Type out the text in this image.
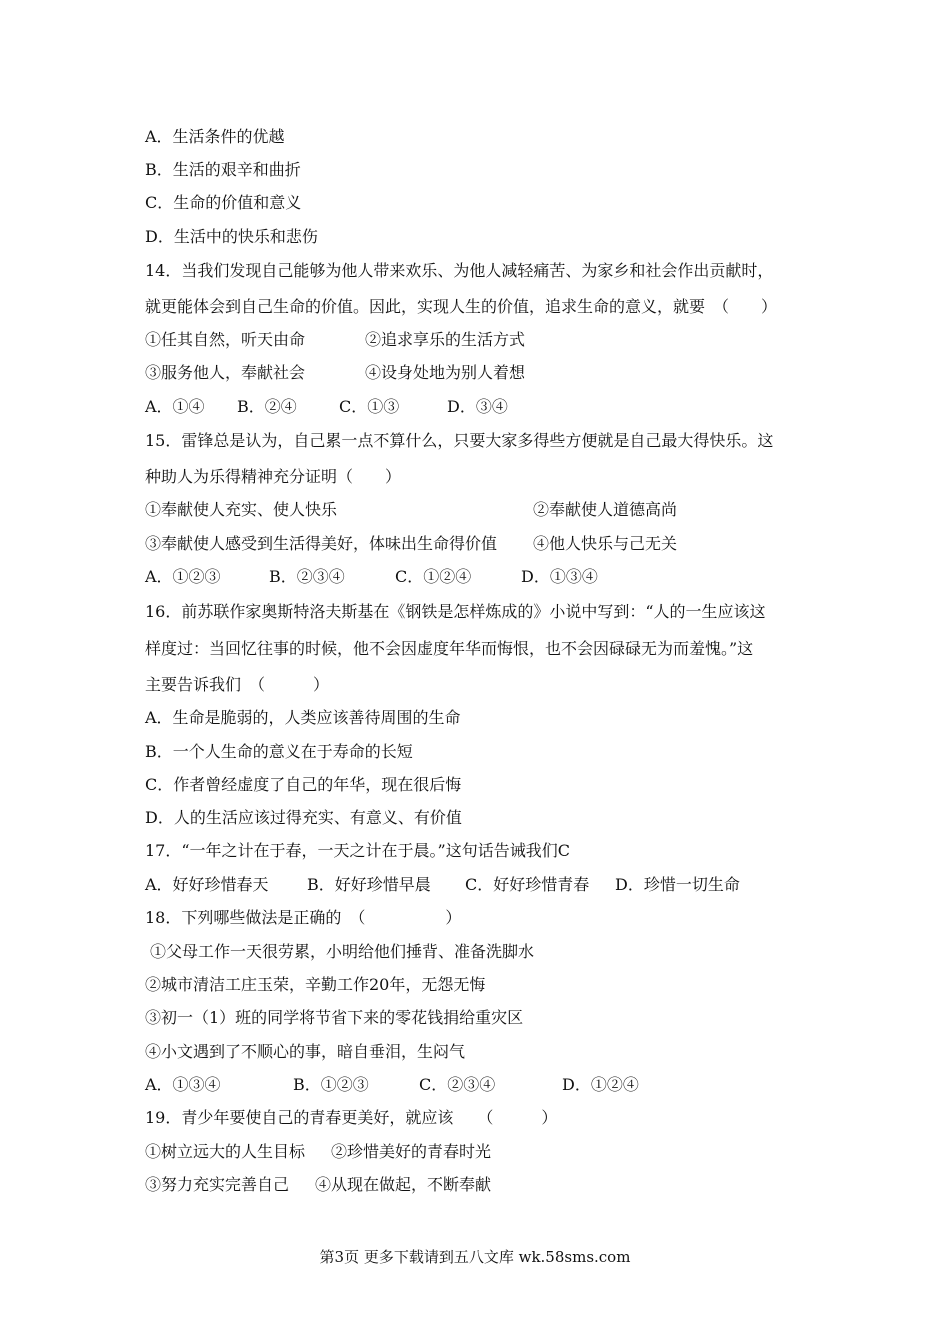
A．生活条件的优越
B．生活的艰辛和曲折
C．生命的价值和意义
D．生活中的快乐和悲伤
14．当我们发现自己能够为他人带来欢乐、为他人减轻痛苦、为家乡和社会作出贡献时，
就更能体会到自己生命的价值。因此，实现人生的价值，追求生命的意义，就要　（　　）
①任其自然，听天由命	②追求享乐的生活方式
③服务他人，奉献社会	④设身处地为别人着想
A．①④ B．②④	C．①③	D．③④
15．雷锋总是认为，自己累一点不算什么，只要大家多得些方便就是自己最大得快乐。这
种助人为乐得精神充分证明（　　）
①奉献使人充实、使人快乐	②奉献使人道德高尚
③奉献使人感受到生活得美好，体味出生命得价值 ④他人快乐与己无关
A．①②③	B．②③④	C．①②④	D．①③④
16．前苏联作家奥斯特洛夫斯基在《钢铁是怎样炼成的》小说中写到：“人的一生应该这
样度过：当回忆往事的时候，他不会因虚度年华而悔恨，也不会因碌碌无为而羞愧。”这
主要告诉我们　（　　　）
A．生命是脆弱的，人类应该善待周围的生命
B．一个人生命的意义在于寿命的长短
C．作者曾经虚度了自己的年华，现在很后悔
D．人的生活应该过得充实、有意义、有价值
17．“一年之计在于春，一天之计在于晨。”这句话告诫我们C
A．好好珍惜春天 B．好好珍惜早晨 C．好好珍惜青春 D．珍惜一切生命
18．下列哪些做法是正确的　（　　　　　）
①父母工作一天很劳累，小明给他们捶背、准备洗脚水
②城市清洁工庄玉荣，辛勤工作20年，无怨无悔
③初一（1）班的同学将节省下来的零花钱捐给重灾区
④小文遇到了不顺心的事，暗自垂泪，生闷气
A．①③④	B．①②③	C．②③④	D．①②④
19．青少年要使自己的青春更美好，就应该　　（　　　）
①树立远大的人生目标 ②珍惜美好的青春时光
③努力充实完善自己 ④从现在做起，不断奉献
第3页 更多下载请到五八文库 wk.58sms.com
